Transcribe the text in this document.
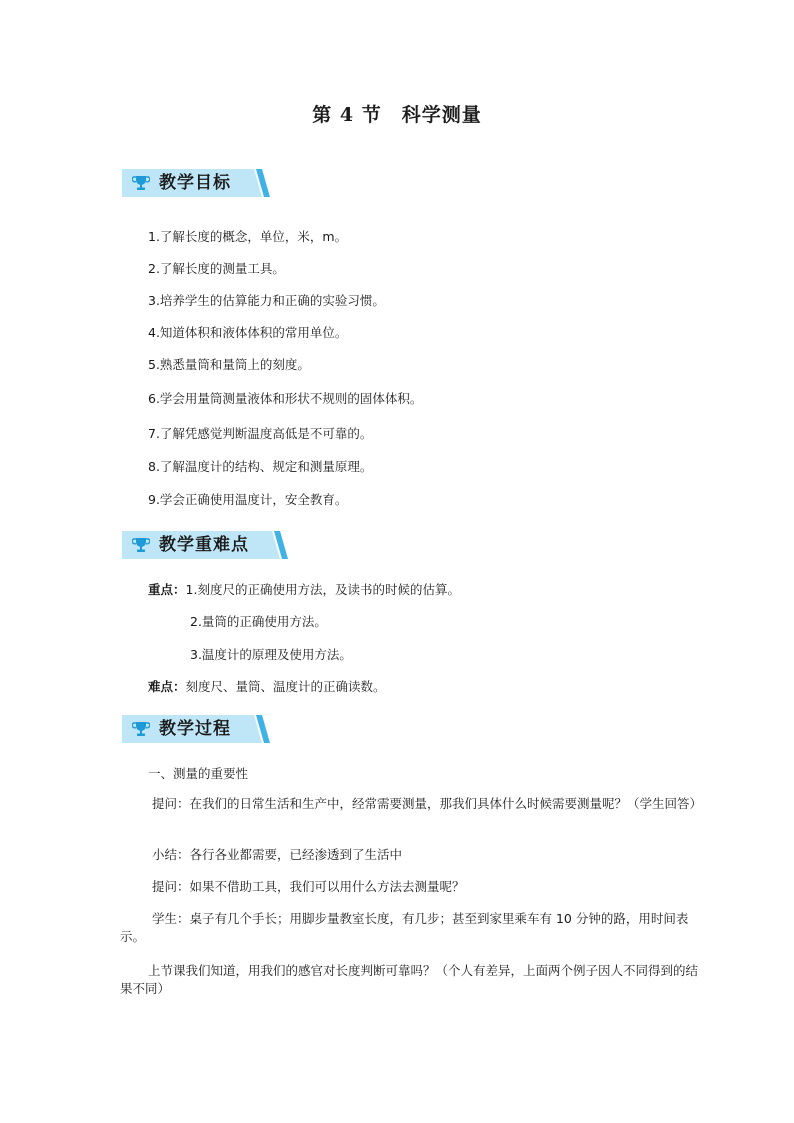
第 4 节　科学测量
教学目标
1.了解长度的概念，单位，米，m。
2.了解长度的测量工具。
3.培养学生的估算能力和正确的实验习惯。
4.知道体积和液体体积的常用单位。
5.熟悉量筒和量筒上的刻度。
6.学会用量筒测量液体和形状不规则的固体体积。
7.了解凭感觉判断温度高低是不可靠的。
8.了解温度计的结构、规定和测量原理。
9.学会正确使用温度计，安全教育。
教学重难点
重点：1.刻度尺的正确使用方法，及读书的时候的估算。
2.量筒的正确使用方法。
3.温度计的原理及使用方法。
难点：刻度尺、量筒、温度计的正确读数。
教学过程
一、测量的重要性
提问：在我们的日常生活和生产中，经常需要测量，那我们具体什么时候需要测量呢？（学生回答）
小结：各行各业都需要，已经渗透到了生活中
提问：如果不借助工具，我们可以用什么方法去测量呢？
学生：桌子有几个手长；用脚步量教室长度，有几步；甚至到家里乘车有 10 分钟的路，用时间表示。
上节课我们知道，用我们的感官对长度判断可靠吗？（个人有差异，上面两个例子因人不同得到的结果不同）
